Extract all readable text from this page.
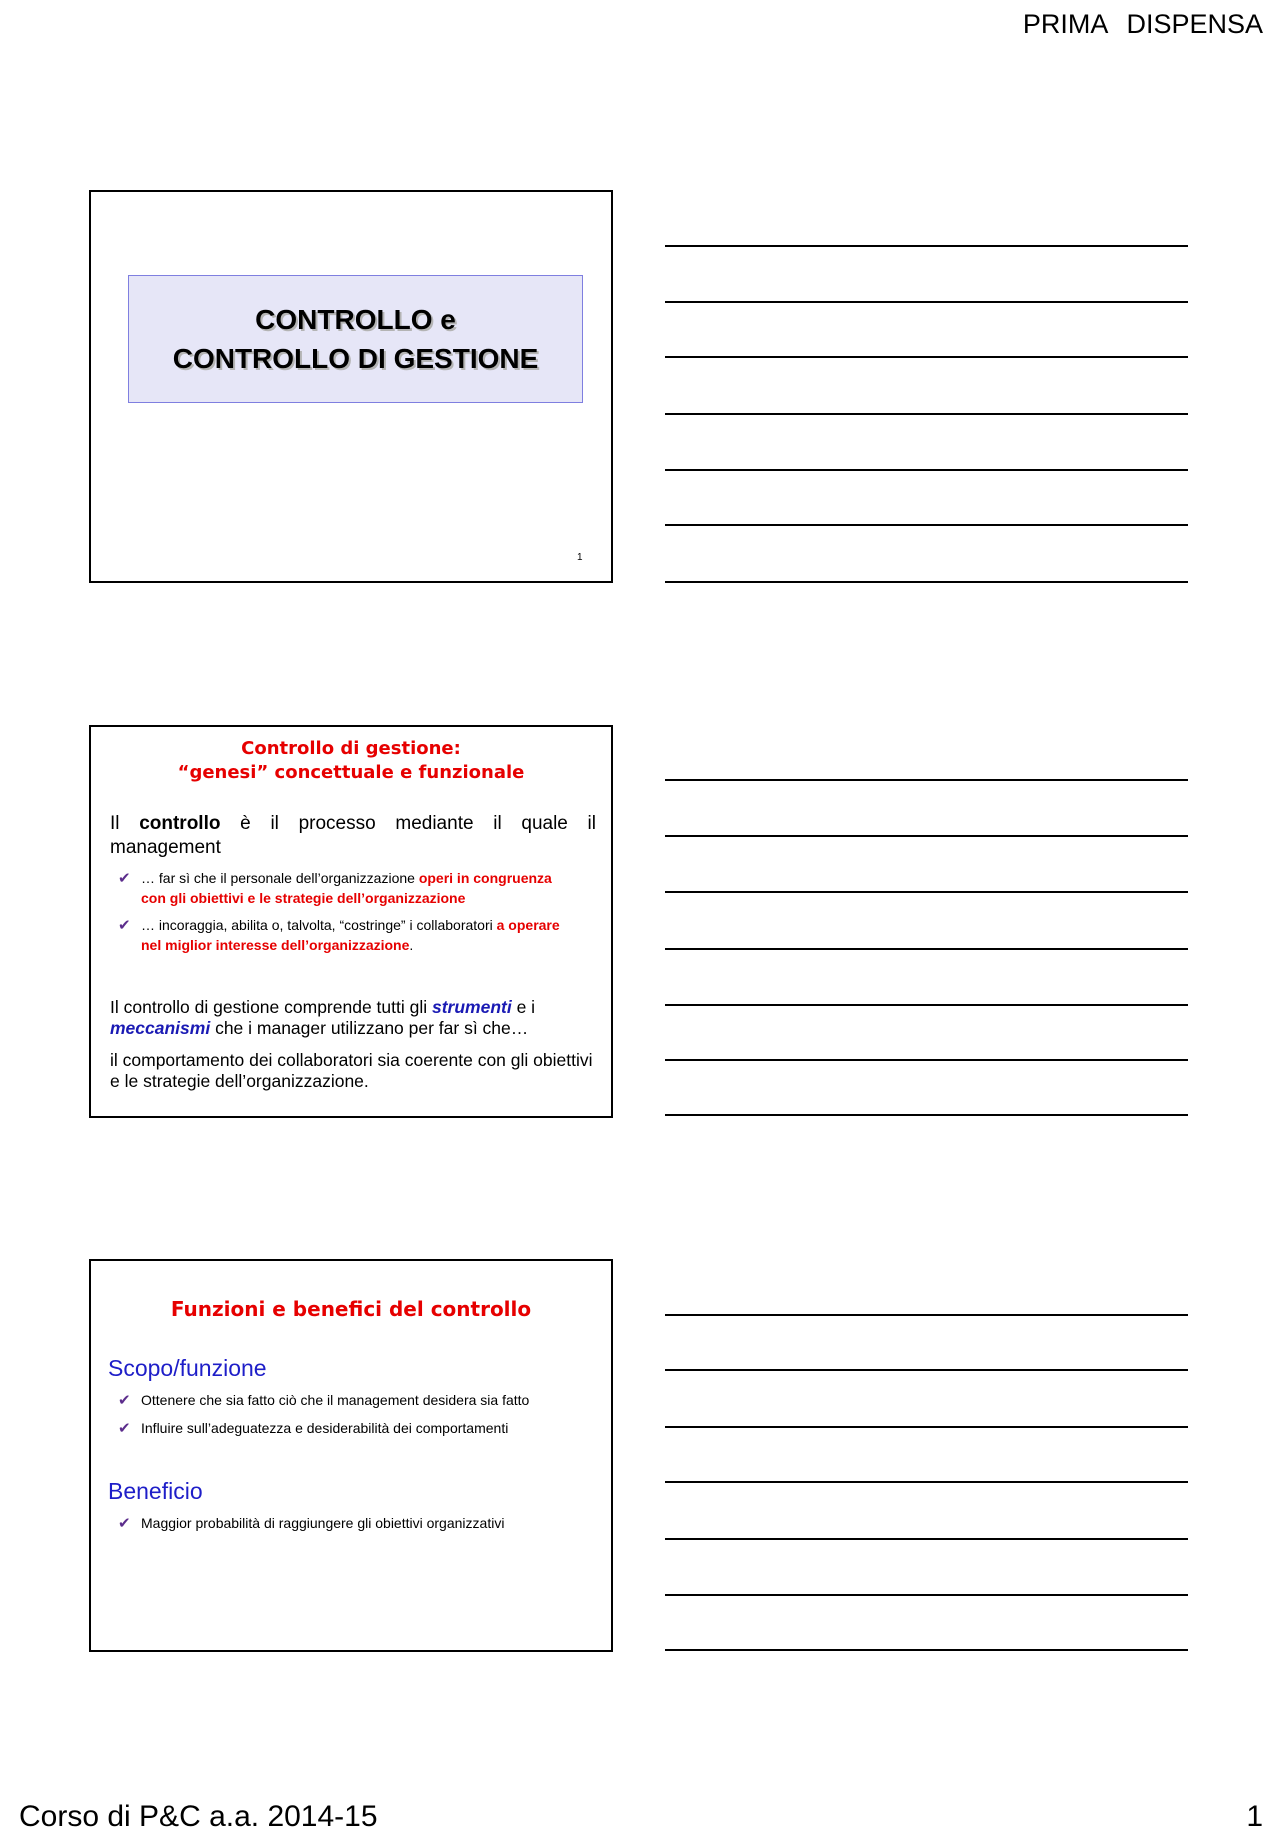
PRIMA DISPENSA
CONTROLLO e
CONTROLLO DI GESTIONE
1
Controllo di gestione:
“genesi” concettuale e funzionale
Il controllo è il processo mediante il quale il management
✔ … far sì che il personale dell’organizzazione operi in congruenza con gli obiettivi e le strategie dell’organizzazione
✔ … incoraggia, abilita o, talvolta, “costringe” i collaboratori a operare nel miglior interesse dell’organizzazione.
Il controllo di gestione comprende tutti gli strumenti e i meccanismi che i manager utilizzano per far sì che…
il comportamento dei collaboratori sia coerente con gli obiettivi e le strategie dell’organizzazione.
Funzioni e benefici del controllo
Scopo/funzione
✔ Ottenere che sia fatto ciò che il management desidera sia fatto
✔ Influire sull’adeguatezza e desiderabilità dei comportamenti
Beneficio
✔ Maggior probabilità di raggiungere gli obiettivi organizzativi
Corso di P&C a.a. 2014-15	1
